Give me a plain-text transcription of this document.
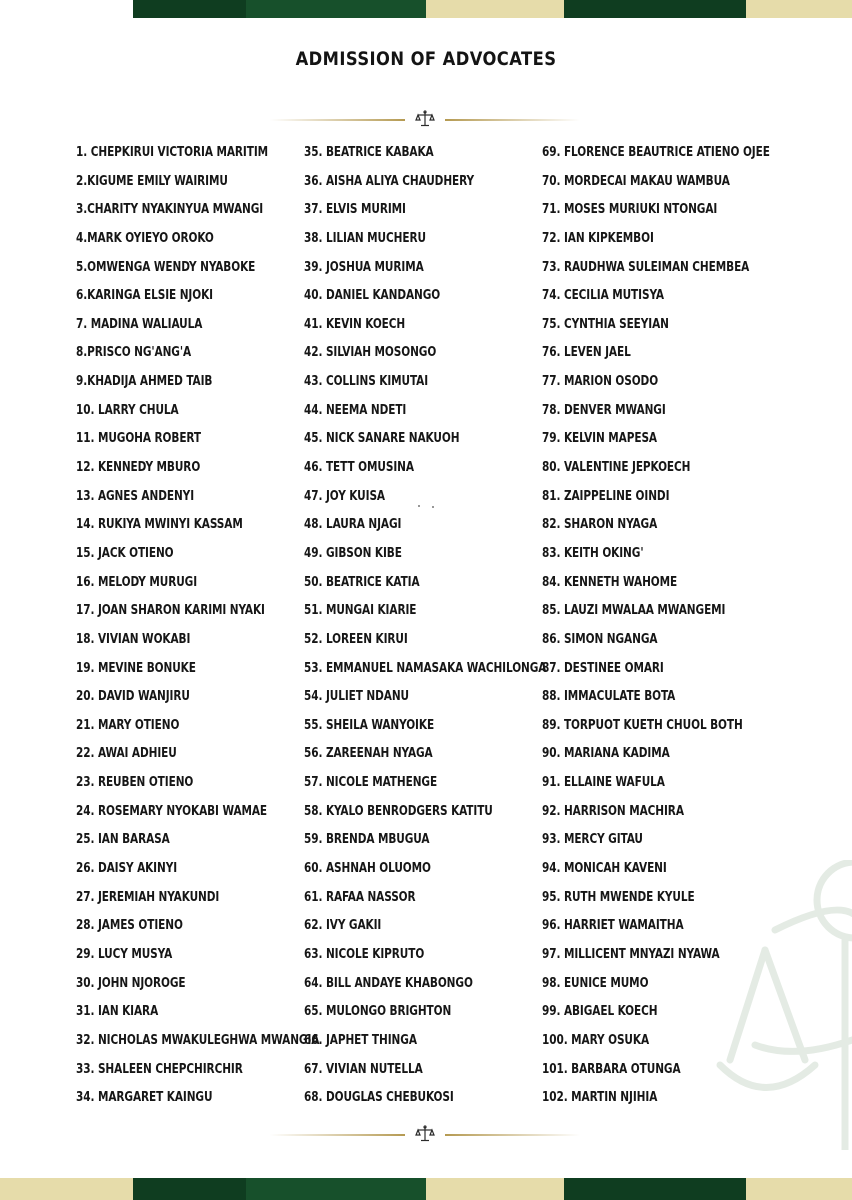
ADMISSION OF ADVOCATES
1. CHEPKIRUI VICTORIA MARITIM
2.KIGUME EMILY WAIRIMU
3.CHARITY NYAKINYUA MWANGI
4.MARK OYIEYO OROKO
5.OMWENGA WENDY NYABOKE
6.KARINGA ELSIE NJOKI
7. MADINA WALIAULA
8.PRISCO NG'ANG'A
9.KHADIJA AHMED TAIB
10. LARRY CHULA
11. MUGOHA ROBERT
12. KENNEDY MBURO
13. AGNES ANDENYI
14. RUKIYA MWINYI KASSAM
15. JACK OTIENO
16. MELODY MURUGI
17. JOAN SHARON KARIMI NYAKI
18. VIVIAN WOKABI
19. MEVINE BONUKE
20. DAVID WANJIRU
21. MARY OTIENO
22. AWAI ADHIEU
23. REUBEN OTIENO
24. ROSEMARY NYOKABI WAMAE
25. IAN BARASA
26. DAISY AKINYI
27. JEREMIAH NYAKUNDI
28. JAMES OTIENO
29. LUCY MUSYA
30. JOHN NJOROGE
31. IAN KIARA
32. NICHOLAS MWAKULEGHWA MWANGIA
33. SHALEEN CHEPCHIRCHIR
34. MARGARET KAINGU
35. BEATRICE KABAKA
36. AISHA ALIYA CHAUDHERY
37. ELVIS MURIMI
38. LILIAN MUCHERU
39. JOSHUA MURIMA
40. DANIEL KANDANGO
41. KEVIN KOECH
42. SILVIAH MOSONGO
43. COLLINS KIMUTAI
44. NEEMA NDETI
45. NICK SANARE NAKUOH
46. TETT OMUSINA
47. JOY KUISA
48. LAURA NJAGI
49. GIBSON KIBE
50. BEATRICE KATIA
51. MUNGAI KIARIE
52. LOREEN KIRUI
53. EMMANUEL NAMASAKA WACHILONGA
54. JULIET NDANU
55. SHEILA WANYOIKE
56. ZAREENAH NYAGA
57. NICOLE MATHENGE
58. KYALO BENRODGERS KATITU
59. BRENDA MBUGUA
60. ASHNAH OLUOMO
61. RAFAA NASSOR
62. IVY GAKII
63. NICOLE KIPRUTO
64. BILL ANDAYE KHABONGO
65. MULONGO BRIGHTON
66. JAPHET THINGA
67. VIVIAN NUTELLA
68. DOUGLAS CHEBUKOSI
69. FLORENCE BEAUTRICE ATIENO OJEE
70. MORDECAI MAKAU WAMBUA
71. MOSES MURIUKI NTONGAI
72. IAN KIPKEMBOI
73. RAUDHWA SULEIMAN CHEMBEA
74. CECILIA MUTISYA
75. CYNTHIA SEEYIAN
76. LEVEN JAEL
77. MARION OSODO
78. DENVER MWANGI
79. KELVIN MAPESA
80. VALENTINE JEPKOECH
81. ZAIPPELINE OINDI
82. SHARON NYAGA
83. KEITH OKING'
84. KENNETH WAHOME
85. LAUZI MWALAA MWANGEMI
86. SIMON NGANGA
87. DESTINEE OMARI
88. IMMACULATE BOTA
89. TORPUOT KUETH CHUOL BOTH
90. MARIANA KADIMA
91. ELLAINE WAFULA
92. HARRISON MACHIRA
93. MERCY GITAU
94. MONICAH KAVENI
95. RUTH MWENDE KYULE
96. HARRIET WAMAITHA
97. MILLICENT MNYAZI NYAWA
98. EUNICE MUMO
99. ABIGAEL KOECH
100. MARY OSUKA
101. BARBARA OTUNGA
102. MARTIN NJIHIA
